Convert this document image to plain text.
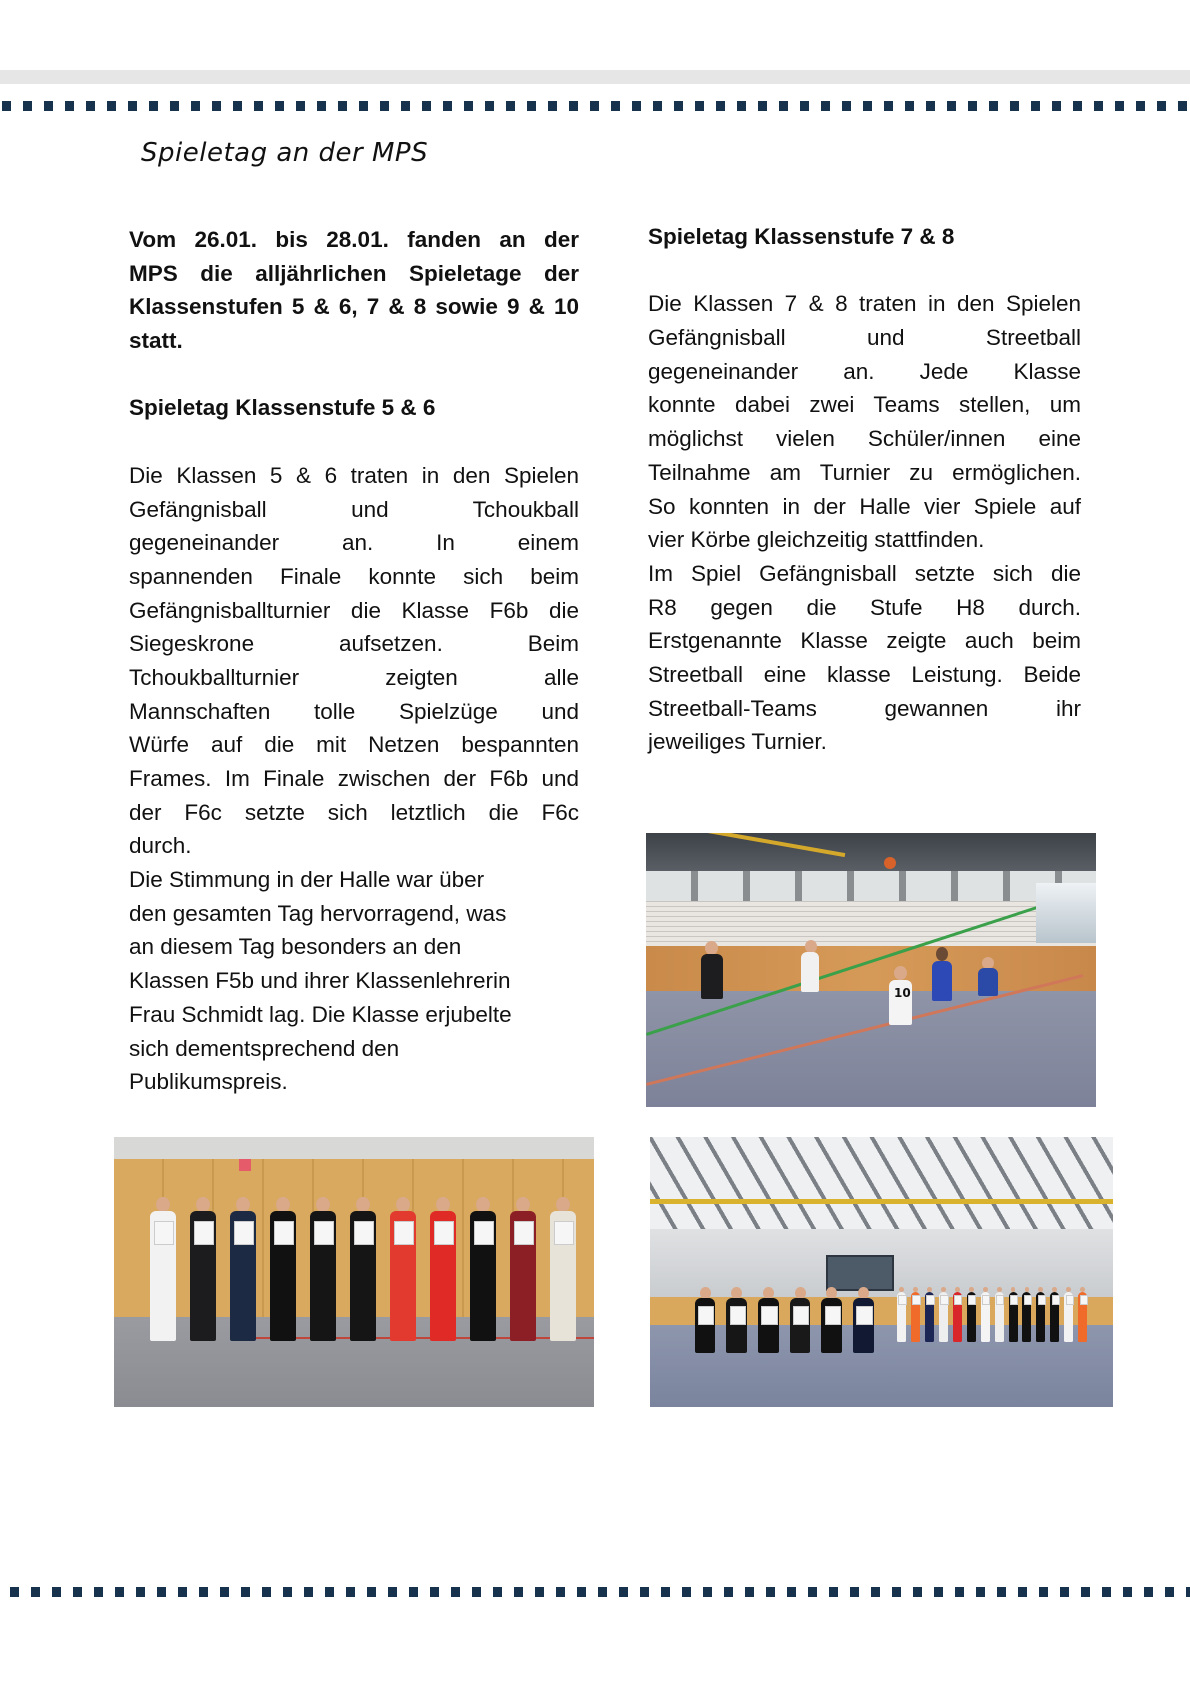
Spieletag an der MPS

Vom 26.01. bis 28.01. fanden an der

MPS die alljährlichen Spieletage der

Klassenstufen 5 & 6, 7 & 8 sowie 9 & 10

statt.

Spieletag Klassenstufe 5 & 6

Die Klassen 5 & 6 traten in den Spielen

Gefängnisball und Tchoukball

gegeneinander an. In einem

spannenden Finale konnte sich beim

Gefängnisballturnier die Klasse F6b die

Siegeskrone aufsetzen. Beim

Tchoukballturnier zeigten alle

Mannschaften tolle Spielzüge und

Würfe auf die mit Netzen bespannten

Frames. Im Finale zwischen der F6b und

der F6c setzte sich letztlich die F6c

durch.

Die Stimmung in der Halle war über

den gesamten Tag hervorragend, was

an diesem Tag besonders an den

Klassen F5b und ihrer Klassenlehrerin

Frau Schmidt lag. Die Klasse erjubelte

sich dementsprechend den

Publikumspreis.

Spieletag Klassenstufe 7 & 8

Die Klassen 7 & 8 traten in den Spielen

Gefängnisball und Streetball

gegeneinander an. Jede Klasse

konnte dabei zwei Teams stellen, um

möglichst vielen Schüler/innen eine

Teilnahme am Turnier zu ermöglichen.

So konnten in der Halle vier Spiele auf

vier Körbe gleichzeitig stattfinden.

Im Spiel Gefängnisball setzte sich die

R8 gegen die Stufe H8 durch.

Erstgenannte Klasse zeigte auch beim

Streetball eine klasse Leistung. Beide

Streetball-Teams gewannen ihr

jeweiliges Turnier.

10
